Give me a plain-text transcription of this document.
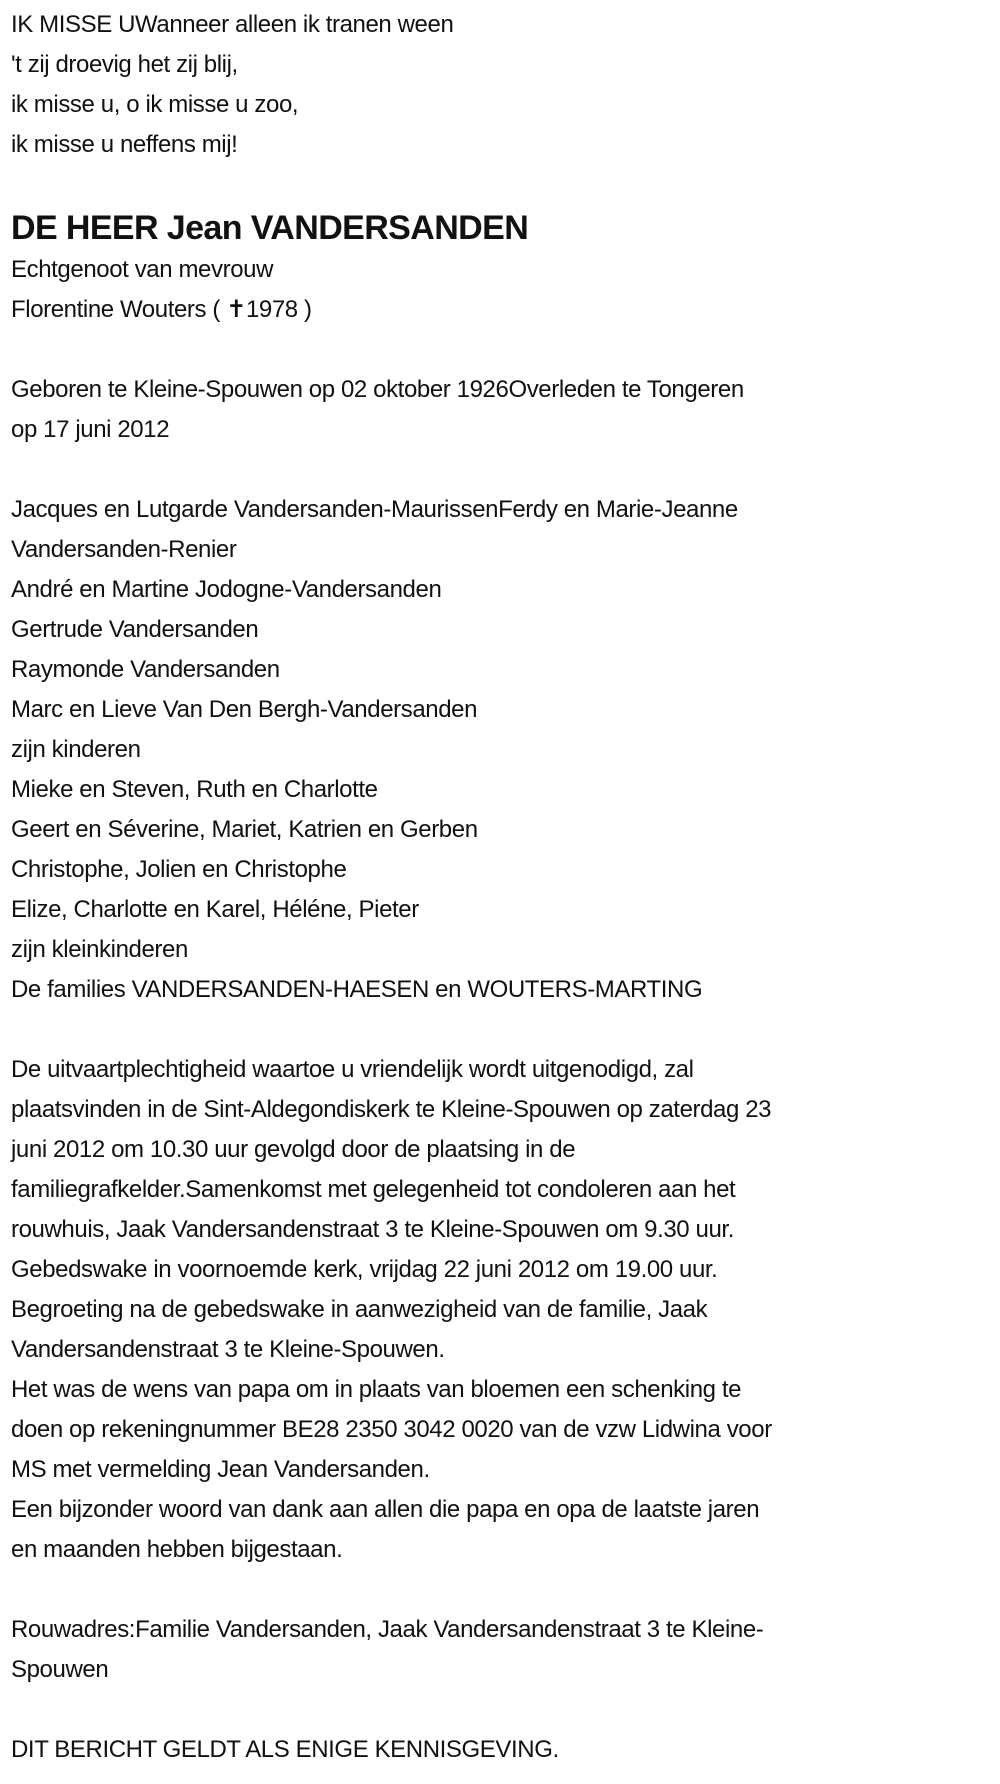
IK MISSE UWanneer alleen ik tranen ween
't zij droevig het zij blij,
ik misse u, o ik misse u zoo,
ik misse u neffens mij!
DE HEER Jean VANDERSANDEN
Echtgenoot van mevrouw
Florentine Wouters ( ✝1978 )
Geboren te Kleine-Spouwen op 02 oktober 1926Overleden te Tongeren
op 17 juni 2012
Jacques en Lutgarde Vandersanden-MaurissenFerdy en Marie-Jeanne
Vandersanden-Renier
André en Martine Jodogne-Vandersanden
Gertrude Vandersanden
Raymonde Vandersanden
Marc en Lieve Van Den Bergh-Vandersanden
zijn kinderen
Mieke en Steven, Ruth en Charlotte
Geert en Séverine, Mariet, Katrien en Gerben
Christophe, Jolien en Christophe
Elize, Charlotte en Karel, Héléne, Pieter
zijn kleinkinderen
De families VANDERSANDEN-HAESEN en WOUTERS-MARTING
De uitvaartplechtigheid waartoe u vriendelijk wordt uitgenodigd, zal
plaatsvinden in de Sint-Aldegondiskerk te Kleine-Spouwen op zaterdag 23
juni 2012 om 10.30 uur gevolgd door de plaatsing in de
familiegrafkelder.Samenkomst met gelegenheid tot condoleren aan het
rouwhuis, Jaak Vandersandenstraat 3 te Kleine-Spouwen om 9.30 uur.
Gebedswake in voornoemde kerk, vrijdag 22 juni 2012 om 19.00 uur.
Begroeting na de gebedswake in aanwezigheid van de familie, Jaak
Vandersandenstraat 3 te Kleine-Spouwen.
Het was de wens van papa om in plaats van bloemen een schenking te
doen op rekeningnummer BE28 2350 3042 0020 van de vzw Lidwina voor
MS met vermelding Jean Vandersanden.
Een bijzonder woord van dank aan allen die papa en opa de laatste jaren
en maanden hebben bijgestaan.
Rouwadres:Familie Vandersanden, Jaak Vandersandenstraat 3 te Kleine-
Spouwen
DIT BERICHT GELDT ALS ENIGE KENNISGEVING.
